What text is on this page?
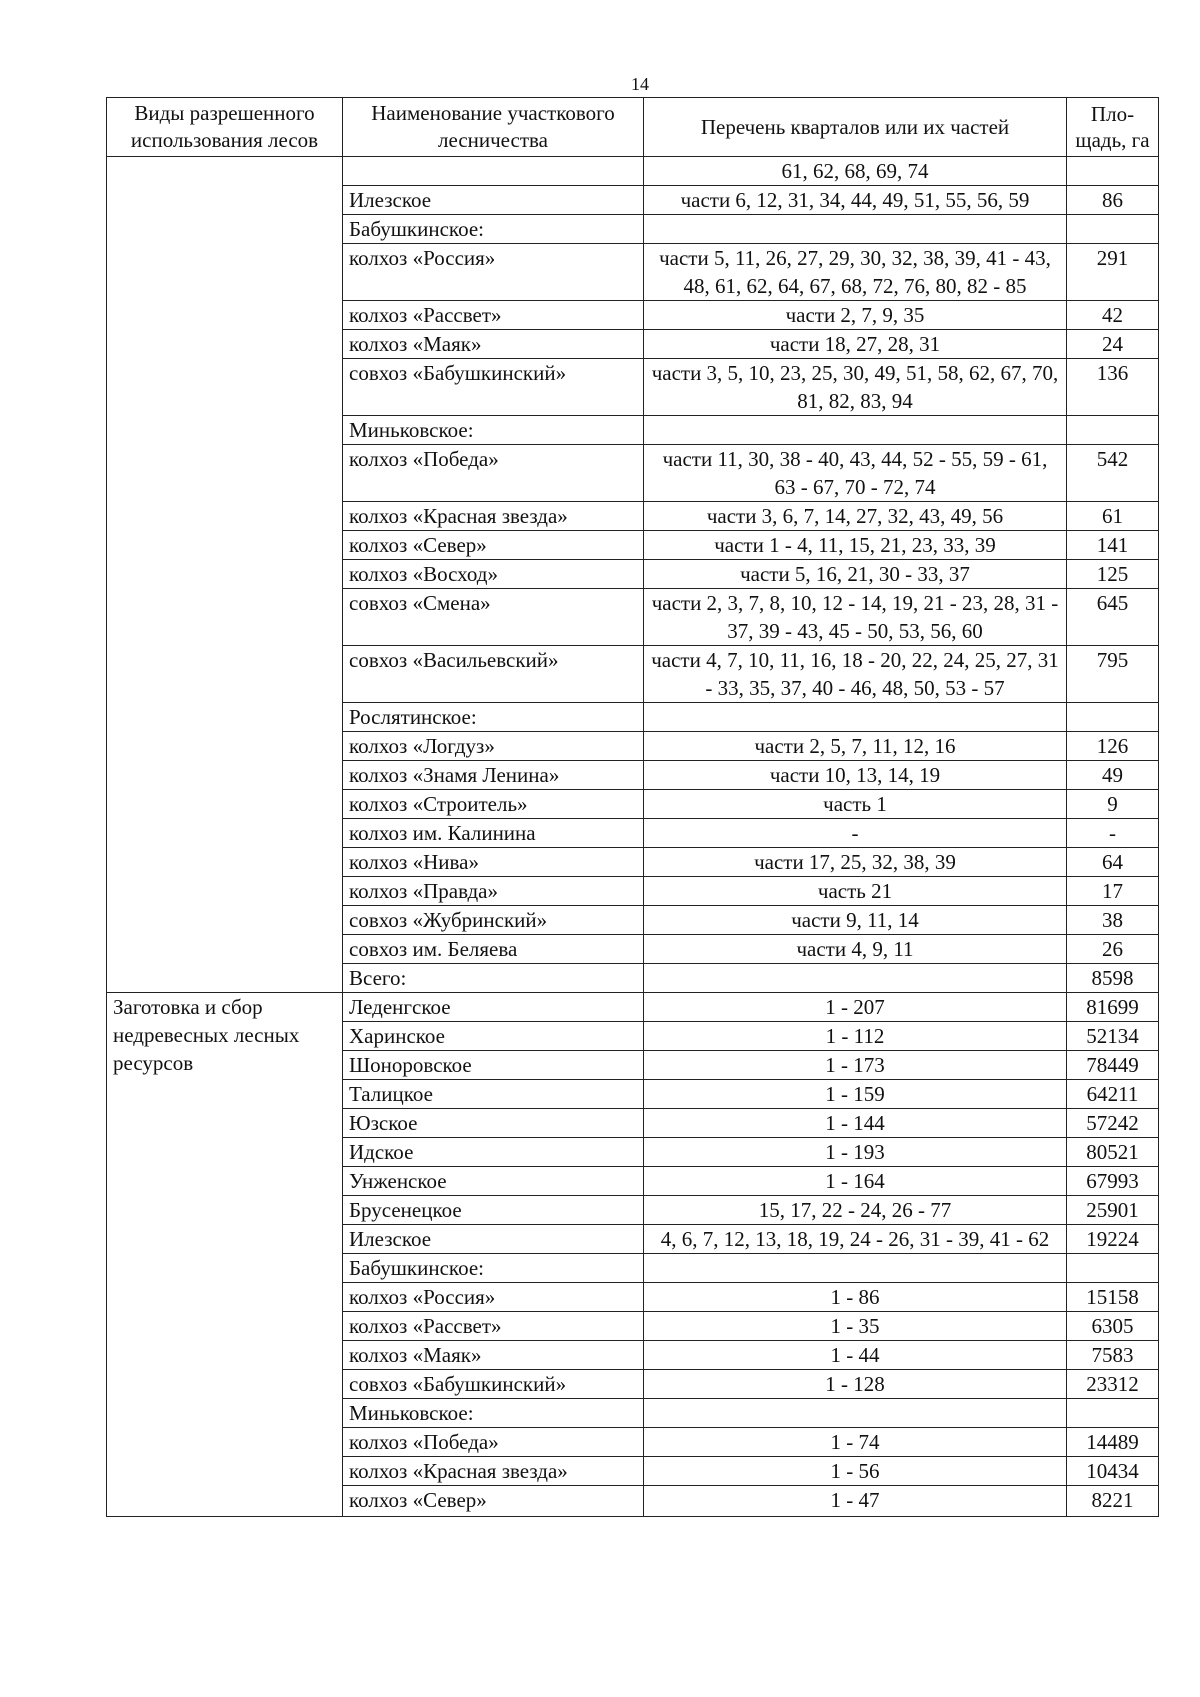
14
Виды разрешенного использования лесов	Наименование участкового лесничества	Перечень кварталов или их частей	Пло-щадь, га
		61, 62, 68, 69, 74	
	Илезское	части 6, 12, 31, 34, 44, 49, 51, 55, 56, 59	86
	Бабушкинское:		
	колхоз «Россия»	части 5, 11, 26, 27, 29, 30, 32, 38, 39, 41 - 43, 48, 61, 62, 64, 67, 68, 72, 76, 80, 82 - 85	291
	колхоз «Рассвет»	части 2, 7, 9, 35	42
	колхоз «Маяк»	части 18, 27, 28, 31	24
	совхоз «Бабушкинский»	части 3, 5, 10, 23, 25, 30, 49, 51, 58, 62, 67, 70, 81, 82, 83, 94	136
	Миньковское:		
	колхоз «Победа»	части 11, 30, 38 - 40, 43, 44, 52 - 55, 59 - 61, 63 - 67, 70 - 72, 74	542
	колхоз «Красная звезда»	части 3, 6, 7, 14, 27, 32, 43, 49, 56	61
	колхоз «Север»	части 1 - 4, 11, 15, 21, 23, 33, 39	141
	колхоз «Восход»	части 5, 16, 21, 30 - 33, 37	125
	совхоз «Смена»	части 2, 3, 7, 8, 10, 12 - 14, 19, 21 - 23, 28, 31 - 37, 39 - 43, 45 - 50, 53, 56, 60	645
	совхоз «Васильевский»	части 4, 7, 10, 11, 16, 18 - 20, 22, 24, 25, 27, 31 - 33, 35, 37, 40 - 46, 48, 50, 53 - 57	795
	Рослятинское:		
	колхоз «Логдуз»	части 2, 5, 7, 11, 12, 16	126
	колхоз «Знамя Ленина»	части 10, 13, 14, 19	49
	колхоз «Строитель»	часть 1	9
	колхоз им. Калинина	-	-
	колхоз «Нива»	части 17, 25, 32, 38, 39	64
	колхоз «Правда»	часть 21	17
	совхоз «Жубринский»	части 9, 11, 14	38
	совхоз им. Беляева	части 4, 9, 11	26
	Всего:		8598
Заготовка и сбор недревесных лесных ресурсов	Леденгское	1 - 207	81699
	Харинское	1 - 112	52134
	Шоноровское	1 - 173	78449
	Талицкое	1 - 159	64211
	Юзское	1 - 144	57242
	Идское	1 - 193	80521
	Унженское	1 - 164	67993
	Брусенецкое	15, 17, 22 - 24, 26 - 77	25901
	Илезское	4, 6, 7, 12, 13, 18, 19, 24 - 26, 31 - 39, 41 - 62	19224
	Бабушкинское:		
	колхоз «Россия»	1 - 86	15158
	колхоз «Рассвет»	1 - 35	6305
	колхоз «Маяк»	1 - 44	7583
	совхоз «Бабушкинский»	1 - 128	23312
	Миньковское:		
	колхоз «Победа»	1 - 74	14489
	колхоз «Красная звезда»	1 - 56	10434
	колхоз «Север»	1 - 47	8221
